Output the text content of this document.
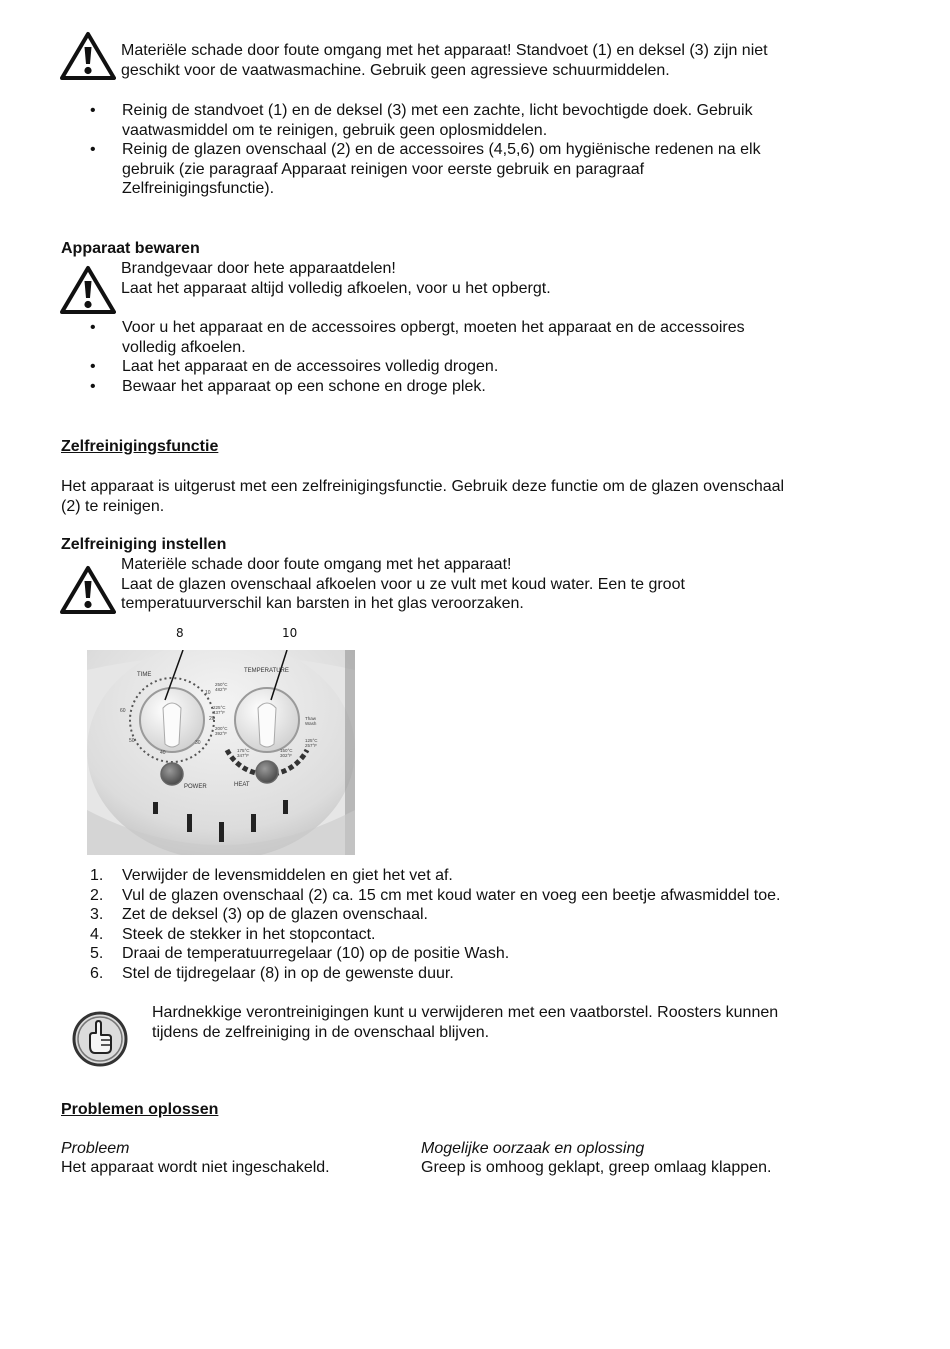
Materiële schade door foute omgang met het apparaat! Standvoet (1) en deksel (3) zijn niet
geschikt voor de vaatwasmachine. Gebruik geen agressieve schuurmiddelen.

• Reinig de standvoet (1) en de deksel (3) met een zachte, licht bevochtigde doek. Gebruik
vaatwasmiddel om te reinigen, gebruik geen oplosmiddelen.
• Reinig de glazen ovenschaal (2) en de accessoires (4,5,6) om hygiënische redenen na elk
gebruik (zie paragraaf Apparaat reinigen voor eerste gebruik en paragraaf
Zelfreinigingsfunctie).

Apparaat bewaren

Brandgevaar door hete apparaatdelen!
Laat het apparaat altijd volledig afkoelen, voor u het opbergt.

• Voor u het apparaat en de accessoires opbergt, moeten het apparaat en de accessoires
volledig afkoelen.
• Laat het apparaat en de accessoires volledig drogen.
• Bewaar het apparaat op een schone en droge plek.

Zelfreinigingsfunctie

Het apparaat is uitgerust met een zelfreinigingsfunctie. Gebruik deze functie om de glazen ovenschaal
(2) te reinigen.

Zelfreiniging instellen

Materiële schade door foute omgang met het apparaat!
Laat de glazen ovenschaal afkoelen voor u ze vult met koud water. Een te groot
temperatuurverschil kan barsten in het glas veroorzaken.

8	10
TIME
TEMPERATURE
POWER	HEAT
60
50
40
30
20
10
250°C 482°F
225°C 437°F
200°C 392°F
175°C 347°F
150°C 302°F
125°C 257°F
Thaw Wash
1. Verwijder de levensmiddelen en giet het vet af.
2. Vul de glazen ovenschaal (2) ca. 15 cm met koud water en voeg een beetje afwasmiddel toe.
3. Zet de deksel (3) op de glazen ovenschaal.
4. Steek de stekker in het stopcontact.
5. Draai de temperatuurregelaar (10) op de positie Wash.
6. Stel de tijdregelaar (8) in op de gewenste duur.

Hardnekkige verontreinigingen kunt u verwijderen met een vaatborstel. Roosters kunnen
tijdens de zelfreiniging in de ovenschaal blijven.

Problemen oplossen

Probleem	Mogelijke oorzaak en oplossing
Het apparaat wordt niet ingeschakeld.	Greep is omhoog geklapt, greep omlaag klappen.
